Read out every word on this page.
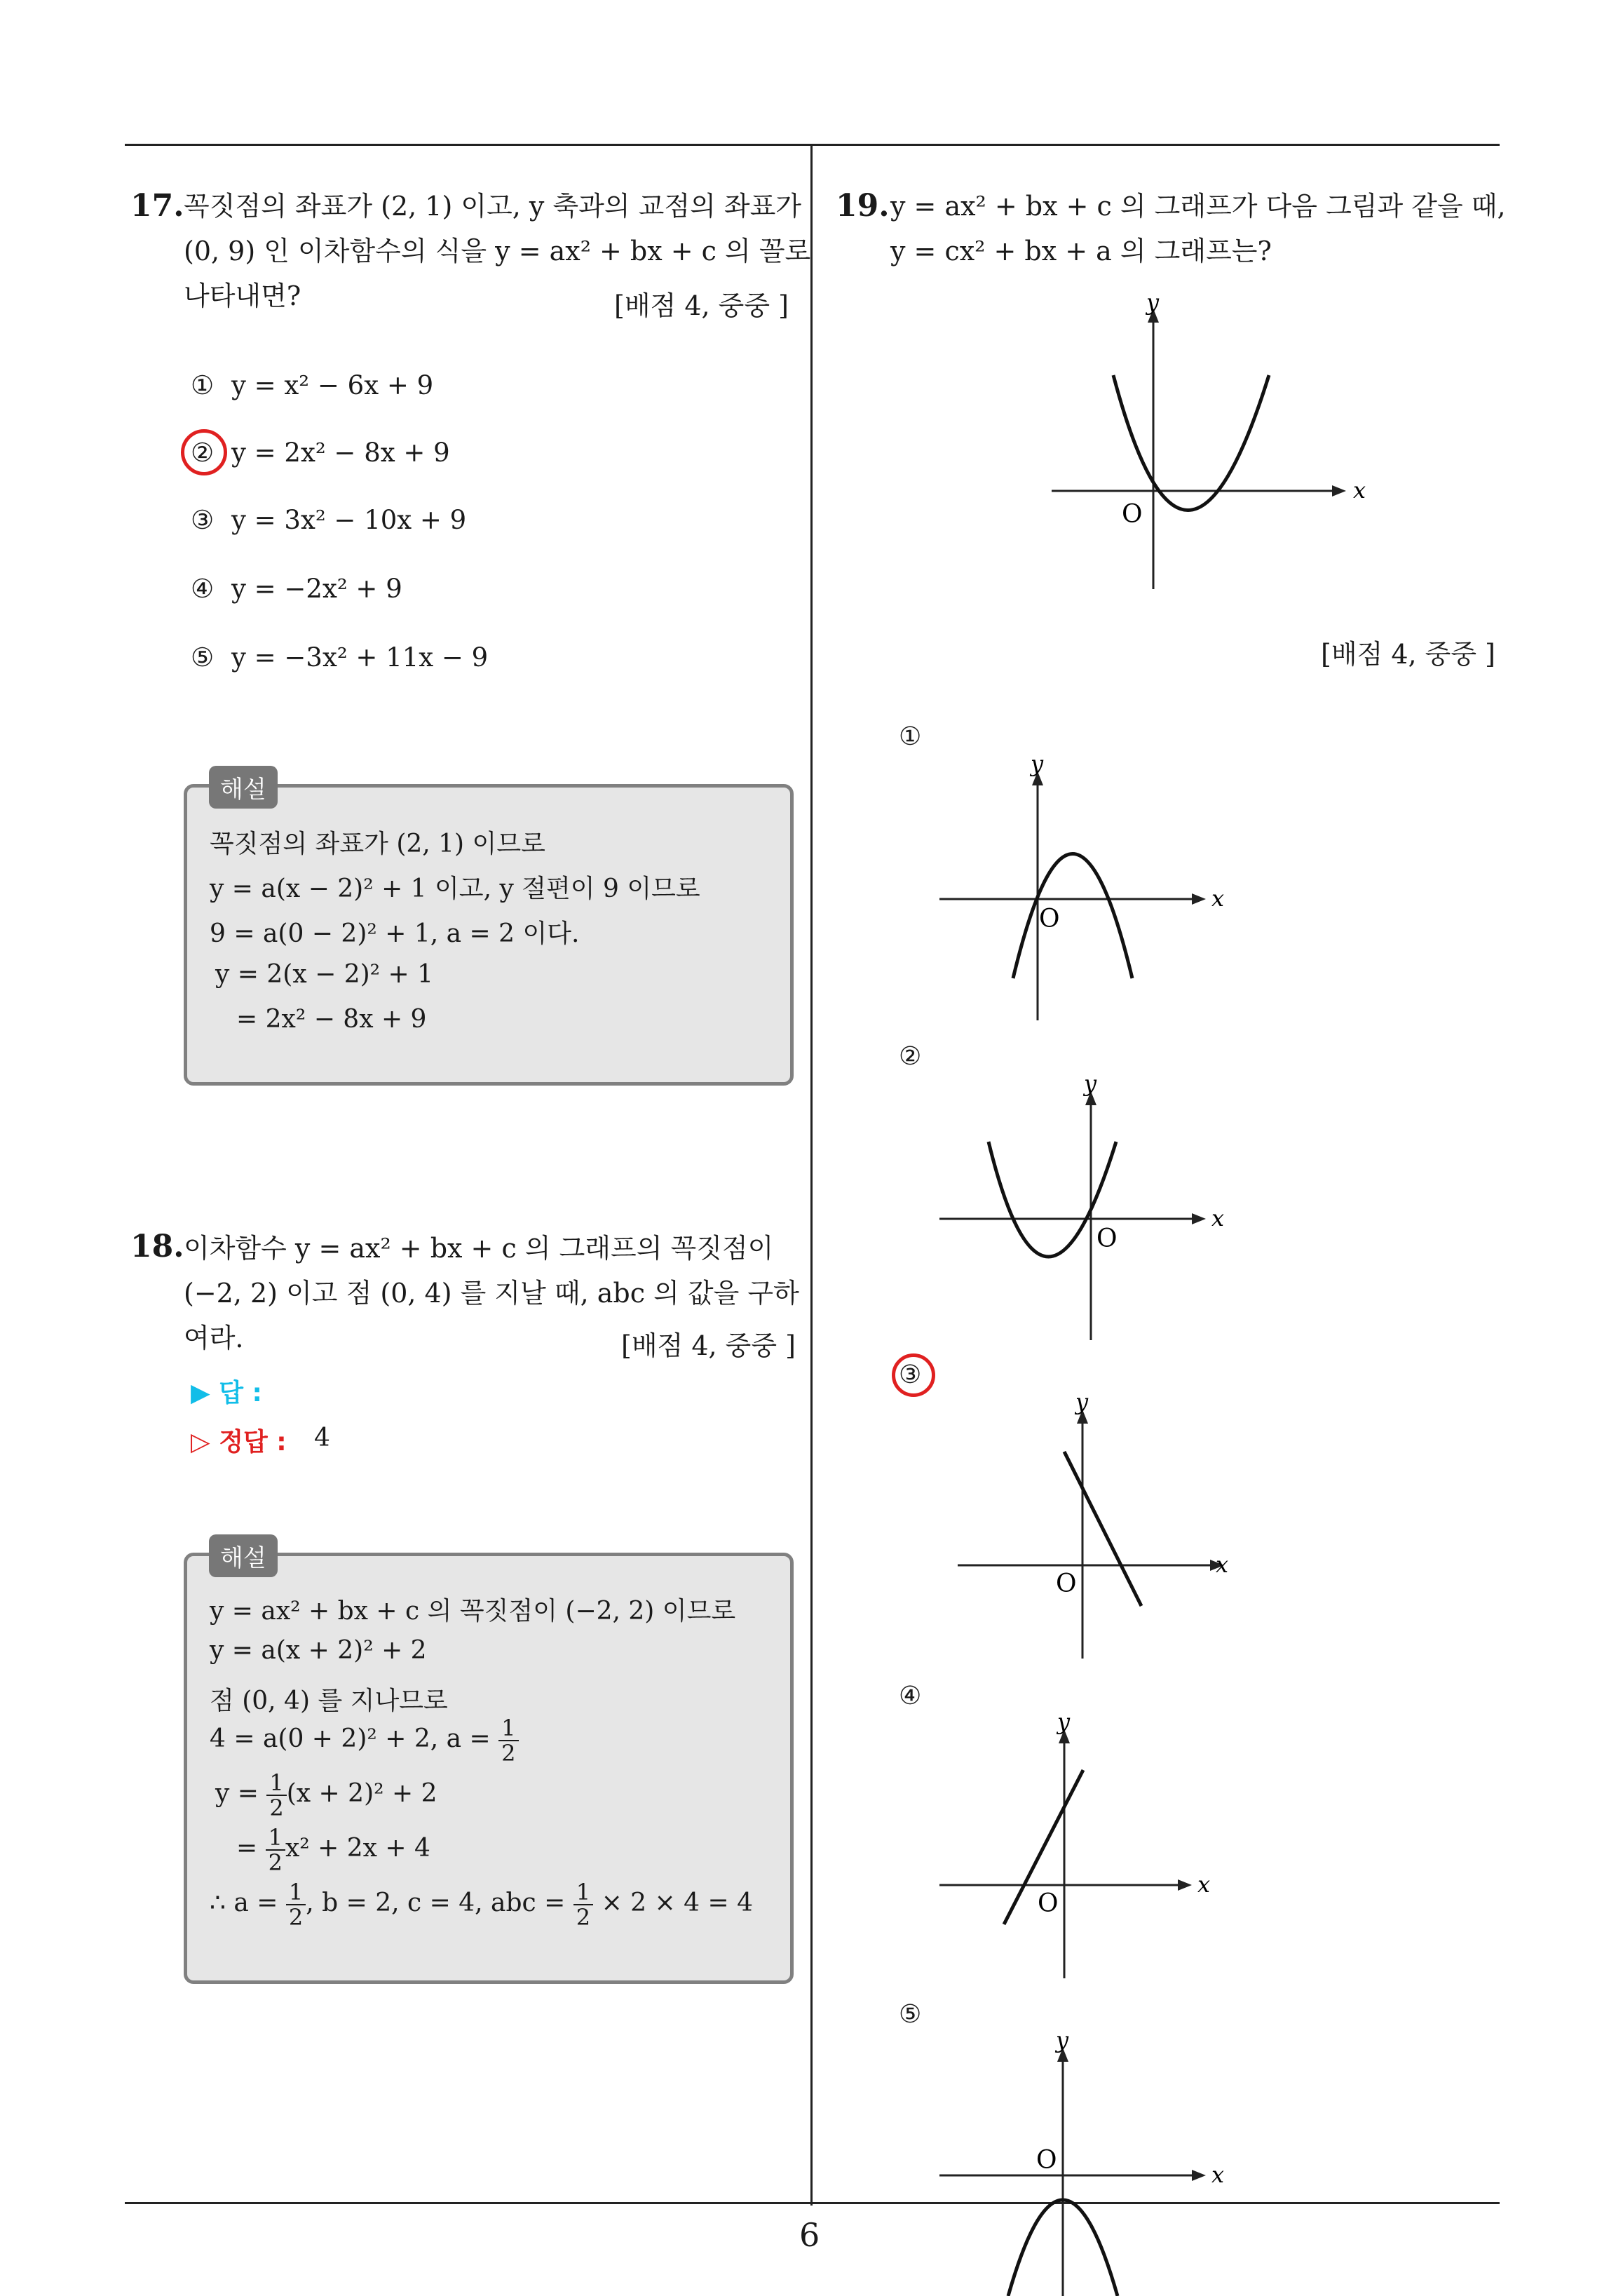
6
17. 꼭짓점의 좌표가 (2, 1) 이고, y 축과의 교점의 좌표가
(0, 9) 인 이차함수의 식을 y = ax² + bx + c 의 꼴로
나타내면?	[배점 4, 중중 ]
① y = x² − 6x + 9
② y = 2x² − 8x + 9
③ y = 3x² − 10x + 9
④ y = −2x² + 9
⑤ y = −3x² + 11x − 9
꼭짓점의 좌표가 (2, 1) 이므로
y = a(x − 2)² + 1 이고, y 절편이 9 이므로
9 = a(0 − 2)² + 1, a = 2 이다.
y = 2(x − 2)² + 1
= 2x² − 8x + 9
해설
18. 이차함수 y = ax² + bx + c 의 그래프의 꼭짓점이
(−2, 2) 이고 점 (0, 4) 를 지날 때, abc 의 값을 구하
여라.	[배점 4, 중중 ]
▶ 답 :
▷ 정답 : 4
y = ax² + bx + c 의 꼭짓점이 (−2, 2) 이므로
y = a(x + 2)² + 2
점 (0, 4) 를 지나므로
4 = a(0 + 2)² + 2, $a = \frac{1}{2}$
$y = \frac{1}{2} (x + 2)^2 + 2$
= $\frac{1}{2} x^2 + 2x + 4$
∴ $a = \frac{1}{2}$ , b = 2, c = 4, abc = $\frac{1}{2} \times 2 \times 4 = 4$
해설
19. y = ax² + bx + c 의 그래프가 다음 그림과 같을 때,
y = cx² + bx + a 의 그래프는?
x
y
O
[배점 4, 중중 ]
①
x
y
O
②
x
y
O
③
x
y
O
④
x
y
O
⑤
x
y
O
